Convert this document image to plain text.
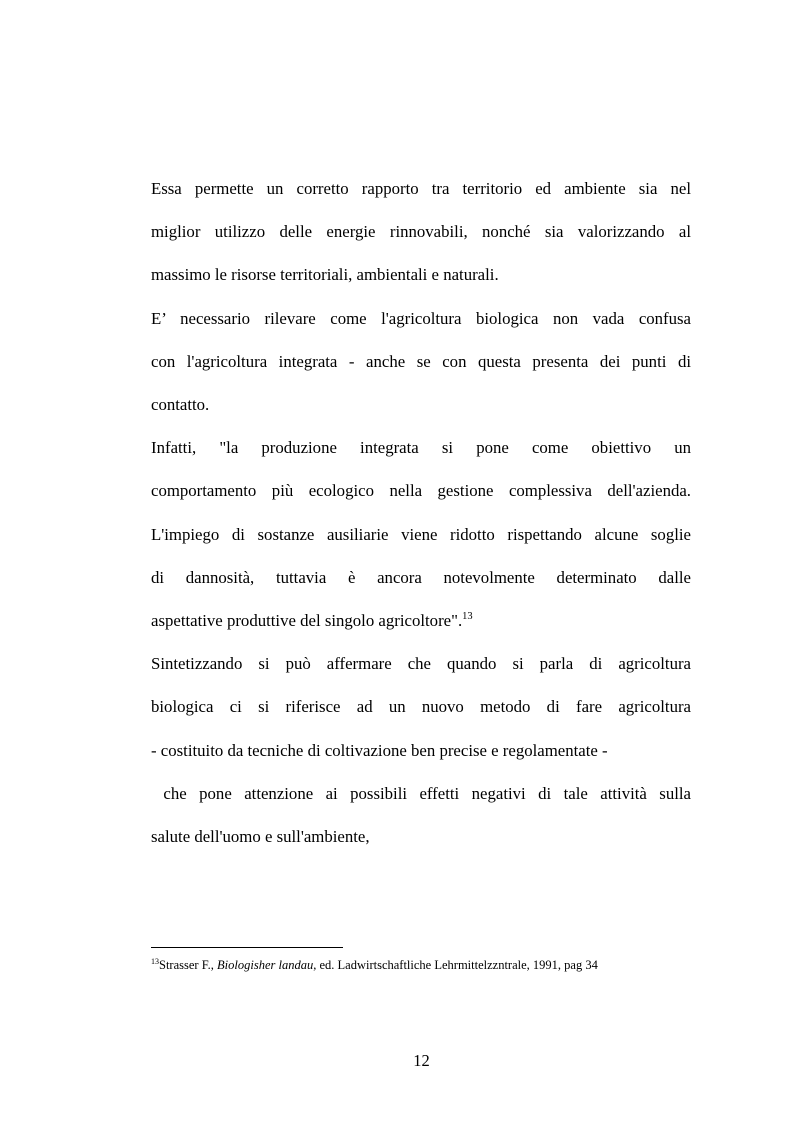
Essa permette un corretto rapporto tra territorio ed ambiente sia nel
miglior utilizzo delle energie rinnovabili, nonché sia valorizzando al
massimo le risorse territoriali, ambientali e naturali.

E’ necessario rilevare come l'agricoltura biologica non vada confusa
con l'agricoltura integrata - anche se con questa presenta dei punti di
contatto.

Infatti, "la produzione integrata si pone come obiettivo un
comportamento più ecologico nella gestione complessiva dell'azienda.
L'impiego di sostanze ausiliarie viene ridotto rispettando alcune soglie
di dannosità, tuttavia è ancora notevolmente determinato dalle
aspettative produttive del singolo agricoltore".$^{13}$

Sintetizzando si può affermare che quando si parla di agricoltura
biologica ci si riferisce ad un nuovo metodo di fare agricoltura
- costituito da tecniche di coltivazione ben precise e regolamentate -

che pone attenzione ai possibili effetti negativi di tale attività sulla
salute dell'uomo e sull'ambiente,

$^{13}$Strasser F., Biologisher landau, ed. Ladwirtschaftliche Lehrmittelzzntrale, 1991, pag 34
12
